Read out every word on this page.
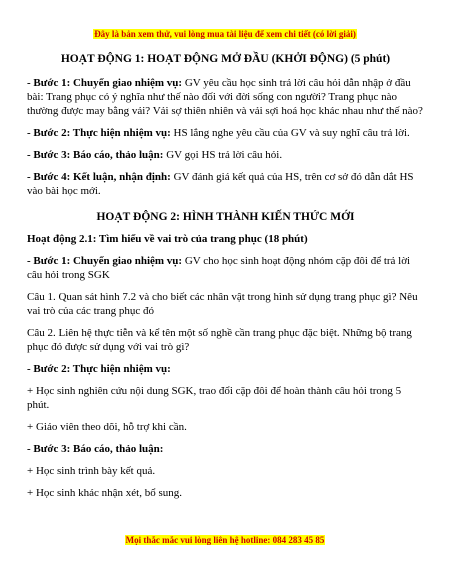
Đây là bản xem thử, vui lòng mua tài liệu để xem chi tiết (có lời giải)

HOẠT ĐỘNG 1: HOẠT ĐỘNG MỞ ĐẦU (KHỞI ĐỘNG) (5 phút)

- Bước 1: Chuyển giao nhiệm vụ: GV yêu cầu học sinh trả lời câu hỏi dẫn nhập ở đầu bài: Trang phục có ý nghĩa như thế nào đối với đời sống con người? Trang phục nào thường được may bằng vải? Vải sợ thiên nhiên và vải sợi hoá học khác nhau như thế nào?

- Bước 2: Thực hiện nhiệm vụ: HS lắng nghe yêu cầu của GV và suy nghĩ câu trả lời.

- Bước 3: Báo cáo, thảo luận: GV gọi HS trả lời câu hỏi.

- Bước 4: Kết luận, nhận định: GV đánh giá kết quả của HS, trên cơ sở đó dẫn dắt HS vào bài học mới.

HOẠT ĐỘNG 2: HÌNH THÀNH KIẾN THỨC MỚI

Hoạt động 2.1: Tìm hiểu về vai trò của trang phục (18 phút)

- Bước 1: Chuyển giao nhiệm vụ: GV cho học sinh hoạt động nhóm cặp đôi để trả lời câu hỏi trong SGK

Câu 1. Quan sát hình 7.2 và cho biết các nhân vật trong hình sử dụng trang phục gì? Nêu vai trò của các trang phục đó

Câu 2. Liên hệ thực tiễn và kể tên một số nghề cần trang phục đặc biệt. Những bộ trang phục đó được sử dụng với vai trò gì?

- Bước 2: Thực hiện nhiệm vụ:

+ Học sinh nghiên cứu nội dung SGK, trao đổi cặp đôi để hoàn thành câu hỏi trong 5 phút.

+ Giáo viên theo dõi, hỗ trợ khi cần.

- Bước 3: Báo cáo, thảo luận:

+ Học sinh trình bày kết quả.

+ Học sinh khác nhận xét, bổ sung.

Mọi thắc mắc vui lòng liên hệ hotline: 084 283 45 85
